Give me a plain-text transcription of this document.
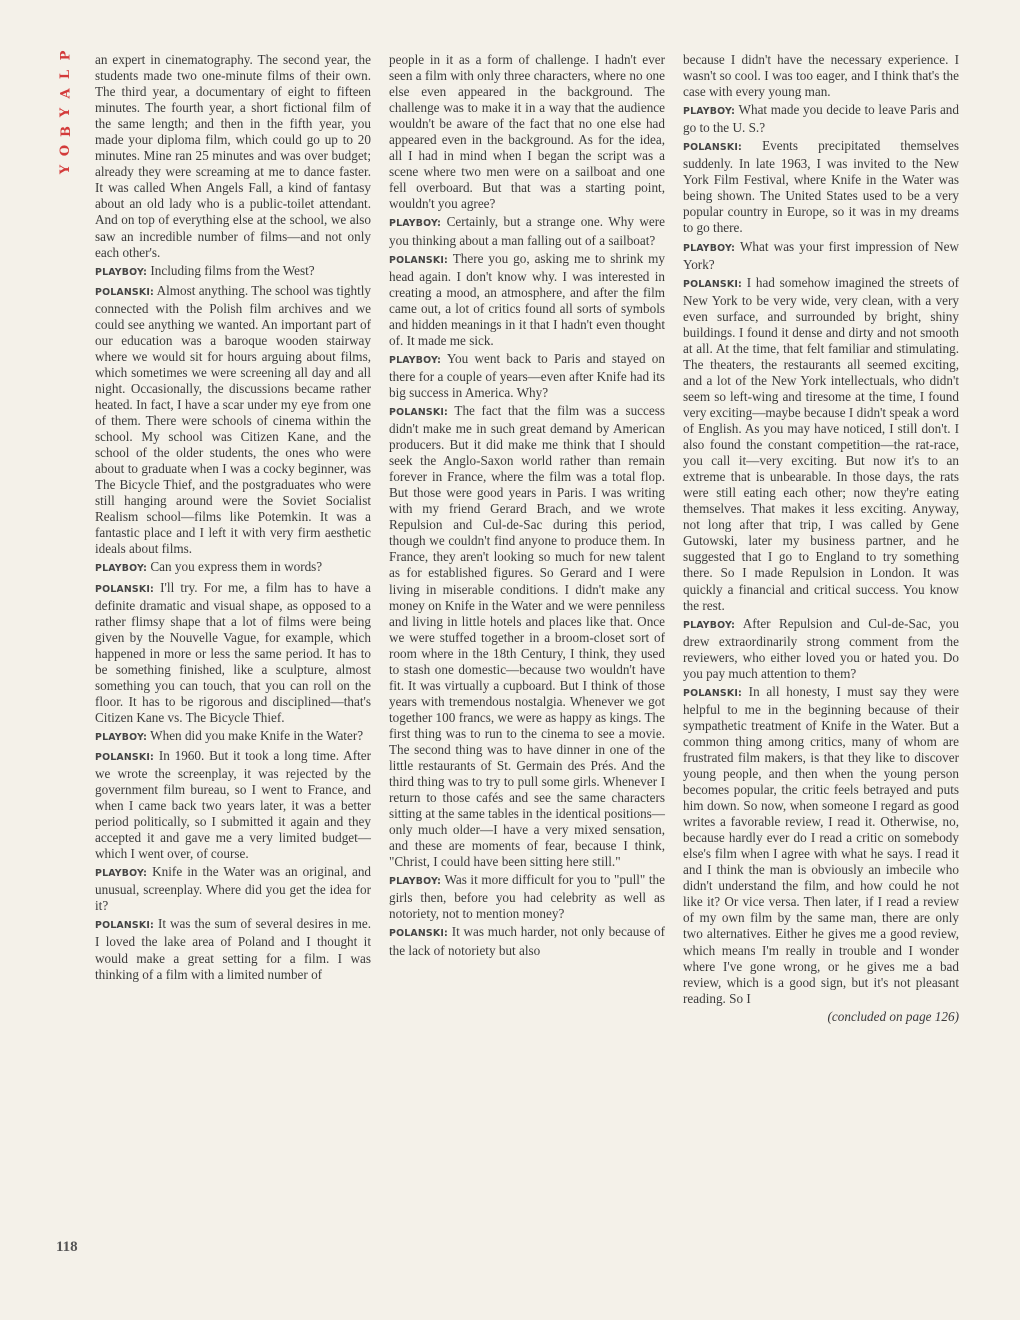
P
L
A
Y
B
O
Y
118

an expert in cinematography. The second year, the students made two one-minute films of their own. The third year, a documentary of eight to fifteen minutes. The fourth year, a short fictional film of the same length; and then in the fifth year, you made your diploma film, which could go up to 20 minutes. Mine ran 25 minutes and was over budget; already they were screaming at me to dance faster. It was called When Angels Fall, a kind of fantasy about an old lady who is a public-toilet attendant. And on top of everything else at the school, we also saw an incredible number of films—and not only each other's.

PLAYBOY: Including films from the West?

POLANSKI: Almost anything. The school was tightly connected with the Polish film archives and we could see anything we wanted. An important part of our education was a baroque wooden stairway where we would sit for hours arguing about films, which sometimes we were screening all day and all night. Occasionally, the discussions became rather heated. In fact, I have a scar under my eye from one of them. There were schools of cinema within the school. My school was Citizen Kane, and the school of the older students, the ones who were about to graduate when I was a cocky beginner, was The Bicycle Thief, and the postgraduates who were still hanging around were the Soviet Socialist Realism school—films like Potemkin. It was a fantastic place and I left it with very firm aesthetic ideals about films.

PLAYBOY: Can you express them in words?

POLANSKI: I'll try. For me, a film has to have a definite dramatic and visual shape, as opposed to a rather flimsy shape that a lot of films were being given by the Nouvelle Vague, for example, which happened in more or less the same period. It has to be something finished, like a sculpture, almost something you can touch, that you can roll on the floor. It has to be rigorous and disciplined—that's Citizen Kane vs. The Bicycle Thief.

PLAYBOY: When did you make Knife in the Water?

POLANSKI: In 1960. But it took a long time. After we wrote the screenplay, it was rejected by the government film bureau, so I went to France, and when I came back two years later, it was a better period politically, so I submitted it again and they accepted it and gave me a very limited budget—which I went over, of course.

PLAYBOY: Knife in the Water was an original, and unusual, screenplay. Where did you get the idea for it?

POLANSKI: It was the sum of several desires in me. I loved the lake area of Poland and I thought it would make a great setting for a film. I was thinking of a film with a limited number of

people in it as a form of challenge. I hadn't ever seen a film with only three characters, where no one else even appeared in the background. The challenge was to make it in a way that the audience wouldn't be aware of the fact that no one else had appeared even in the background. As for the idea, all I had in mind when I began the script was a scene where two men were on a sailboat and one fell overboard. But that was a starting point, wouldn't you agree?

PLAYBOY: Certainly, but a strange one. Why were you thinking about a man falling out of a sailboat?

POLANSKI: There you go, asking me to shrink my head again. I don't know why. I was interested in creating a mood, an atmosphere, and after the film came out, a lot of critics found all sorts of symbols and hidden meanings in it that I hadn't even thought of. It made me sick.

PLAYBOY: You went back to Paris and stayed on there for a couple of years—even after Knife had its big success in America. Why?

POLANSKI: The fact that the film was a success didn't make me in such great demand by American producers. But it did make me think that I should seek the Anglo-Saxon world rather than remain forever in France, where the film was a total flop. But those were good years in Paris. I was writing with my friend Gerard Brach, and we wrote Repulsion and Cul-de-Sac during this period, though we couldn't find anyone to produce them. In France, they aren't looking so much for new talent as for established figures. So Gerard and I were living in miserable conditions. I didn't make any money on Knife in the Water and we were penniless and living in little hotels and places like that. Once we were stuffed together in a broom-closet sort of room where in the 18th Century, I think, they used to stash one domestic—because two wouldn't have fit. It was virtually a cupboard. But I think of those years with tremendous nostalgia. Whenever we got together 100 francs, we were as happy as kings. The first thing was to run to the cinema to see a movie. The second thing was to have dinner in one of the little restaurants of St. Germain des Prés. And the third thing was to try to pull some girls. Whenever I return to those cafés and see the same characters sitting at the same tables in the identical positions—only much older—I have a very mixed sensation, and these are moments of fear, because I think, "Christ, I could have been sitting here still."

PLAYBOY: Was it more difficult for you to "pull" the girls then, before you had celebrity as well as notoriety, not to mention money?

POLANSKI: It was much harder, not only because of the lack of notoriety but also

because I didn't have the necessary experience. I wasn't so cool. I was too eager, and I think that's the case with every young man.

PLAYBOY: What made you decide to leave Paris and go to the U. S.?

POLANSKI: Events precipitated themselves suddenly. In late 1963, I was invited to the New York Film Festival, where Knife in the Water was being shown. The United States used to be a very popular country in Europe, so it was in my dreams to go there.

PLAYBOY: What was your first impression of New York?

POLANSKI: I had somehow imagined the streets of New York to be very wide, very clean, with a very even surface, and surrounded by bright, shiny buildings. I found it dense and dirty and not smooth at all. At the time, that felt familiar and stimulating. The theaters, the restaurants all seemed exciting, and a lot of the New York intellectuals, who didn't seem so left-wing and tiresome at the time, I found very exciting—maybe because I didn't speak a word of English. As you may have noticed, I still don't. I also found the constant competition—the rat-race, you call it—very exciting. But now it's to an extreme that is unbearable. In those days, the rats were still eating each other; now they're eating themselves. That makes it less exciting. Anyway, not long after that trip, I was called by Gene Gutowski, later my business partner, and he suggested that I go to England to try something there. So I made Repulsion in London. It was quickly a financial and critical success. You know the rest.

PLAYBOY: After Repulsion and Cul-de-Sac, you drew extraordinarily strong comment from the reviewers, who either loved you or hated you. Do you pay much attention to them?

POLANSKI: In all honesty, I must say they were helpful to me in the beginning because of their sympathetic treatment of Knife in the Water. But a common thing among critics, many of whom are frustrated film makers, is that they like to discover young people, and then when the young person becomes popular, the critic feels betrayed and puts him down. So now, when someone I regard as good writes a favorable review, I read it. Otherwise, no, because hardly ever do I read a critic on somebody else's film when I agree with what he says. I read it and I think the man is obviously an imbecile who didn't understand the film, and how could he not like it? Or vice versa. Then later, if I read a review of my own film by the same man, there are only two alternatives. Either he gives me a good review, which means I'm really in trouble and I wonder where I've gone wrong, or he gives me a bad review, which is a good sign, but it's not pleasant reading. So I

(concluded on page 126)
